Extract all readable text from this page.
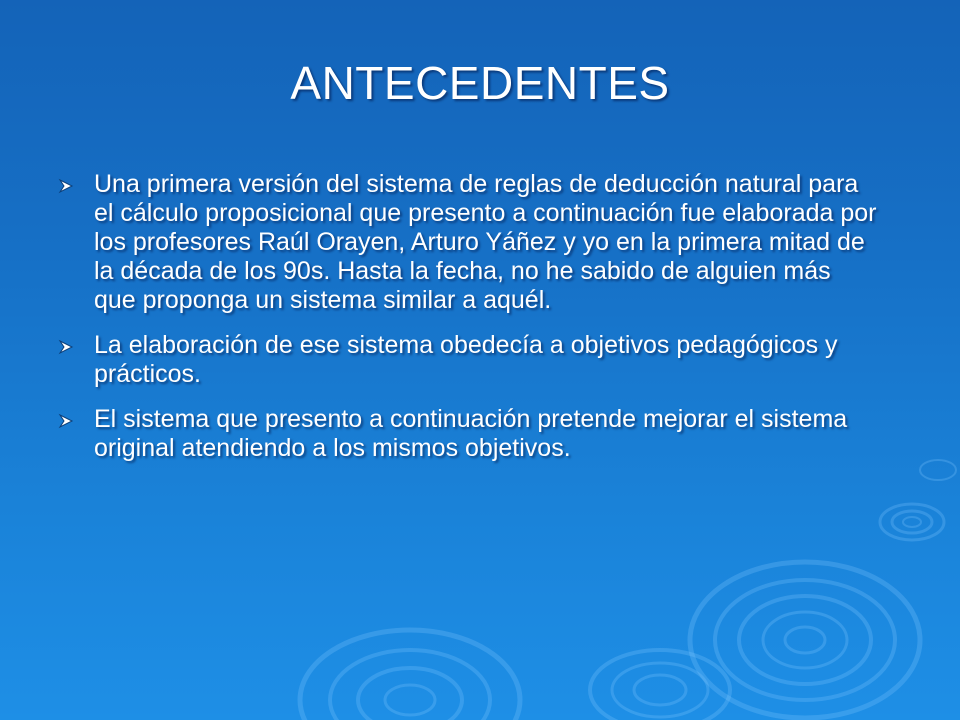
ANTECEDENTES
Una primera versión del sistema de reglas de deducción natural para el cálculo proposicional que presento a continuación fue elaborada por los profesores Raúl Orayen, Arturo Yáñez y yo en la primera mitad de la década de los 90s. Hasta la fecha, no he sabido de alguien más que proponga un sistema similar a aquél.
La elaboración de ese sistema obedecía a objetivos pedagógicos y prácticos.
El sistema que presento a continuación pretende mejorar el sistema original atendiendo a los mismos objetivos.
